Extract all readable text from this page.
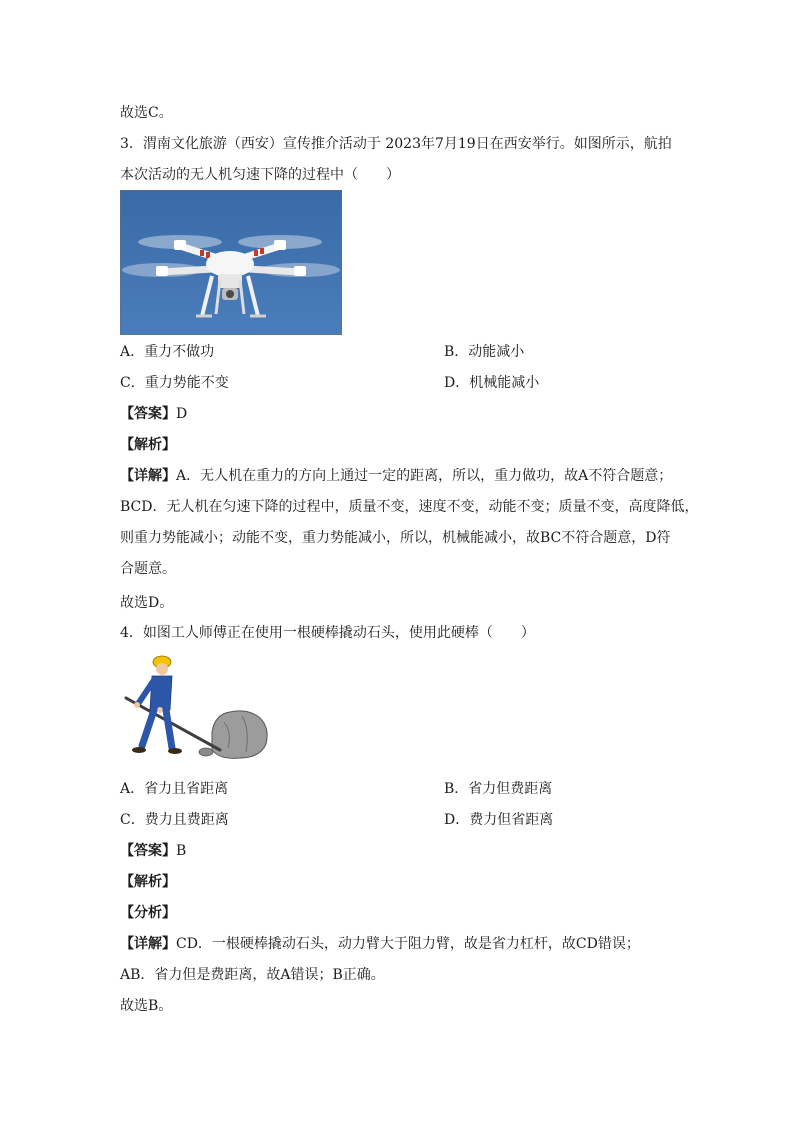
故选C。
3．渭南文化旅游（西安）宣传推介活动于 2023年7月19日在西安举行。如图所示，航拍
本次活动的无人机匀速下降的过程中（　　）
A．重力不做功	B．动能减小
C．重力势能不变	D．机械能减小
【答案】D
【解析】
【详解】A．无人机在重力的方向上通过一定的距离，所以，重力做功，故A不符合题意；
BCD．无人机在匀速下降的过程中，质量不变，速度不变，动能不变；质量不变，高度降低，
则重力势能减小；动能不变，重力势能减小，所以，机械能减小，故BC不符合题意，D符
合题意。
故选D。
4．如图工人师傅正在使用一根硬棒撬动石头，使用此硬棒（　　）
A．省力且省距离	B．省力但费距离
C．费力且费距离	D．费力但省距离
【答案】B
【解析】
【分析】
【详解】CD．一根硬棒撬动石头，动力臂大于阻力臂，故是省力杠杆，故CD错误；
AB．省力但是费距离，故A错误；B正确。
故选B。
